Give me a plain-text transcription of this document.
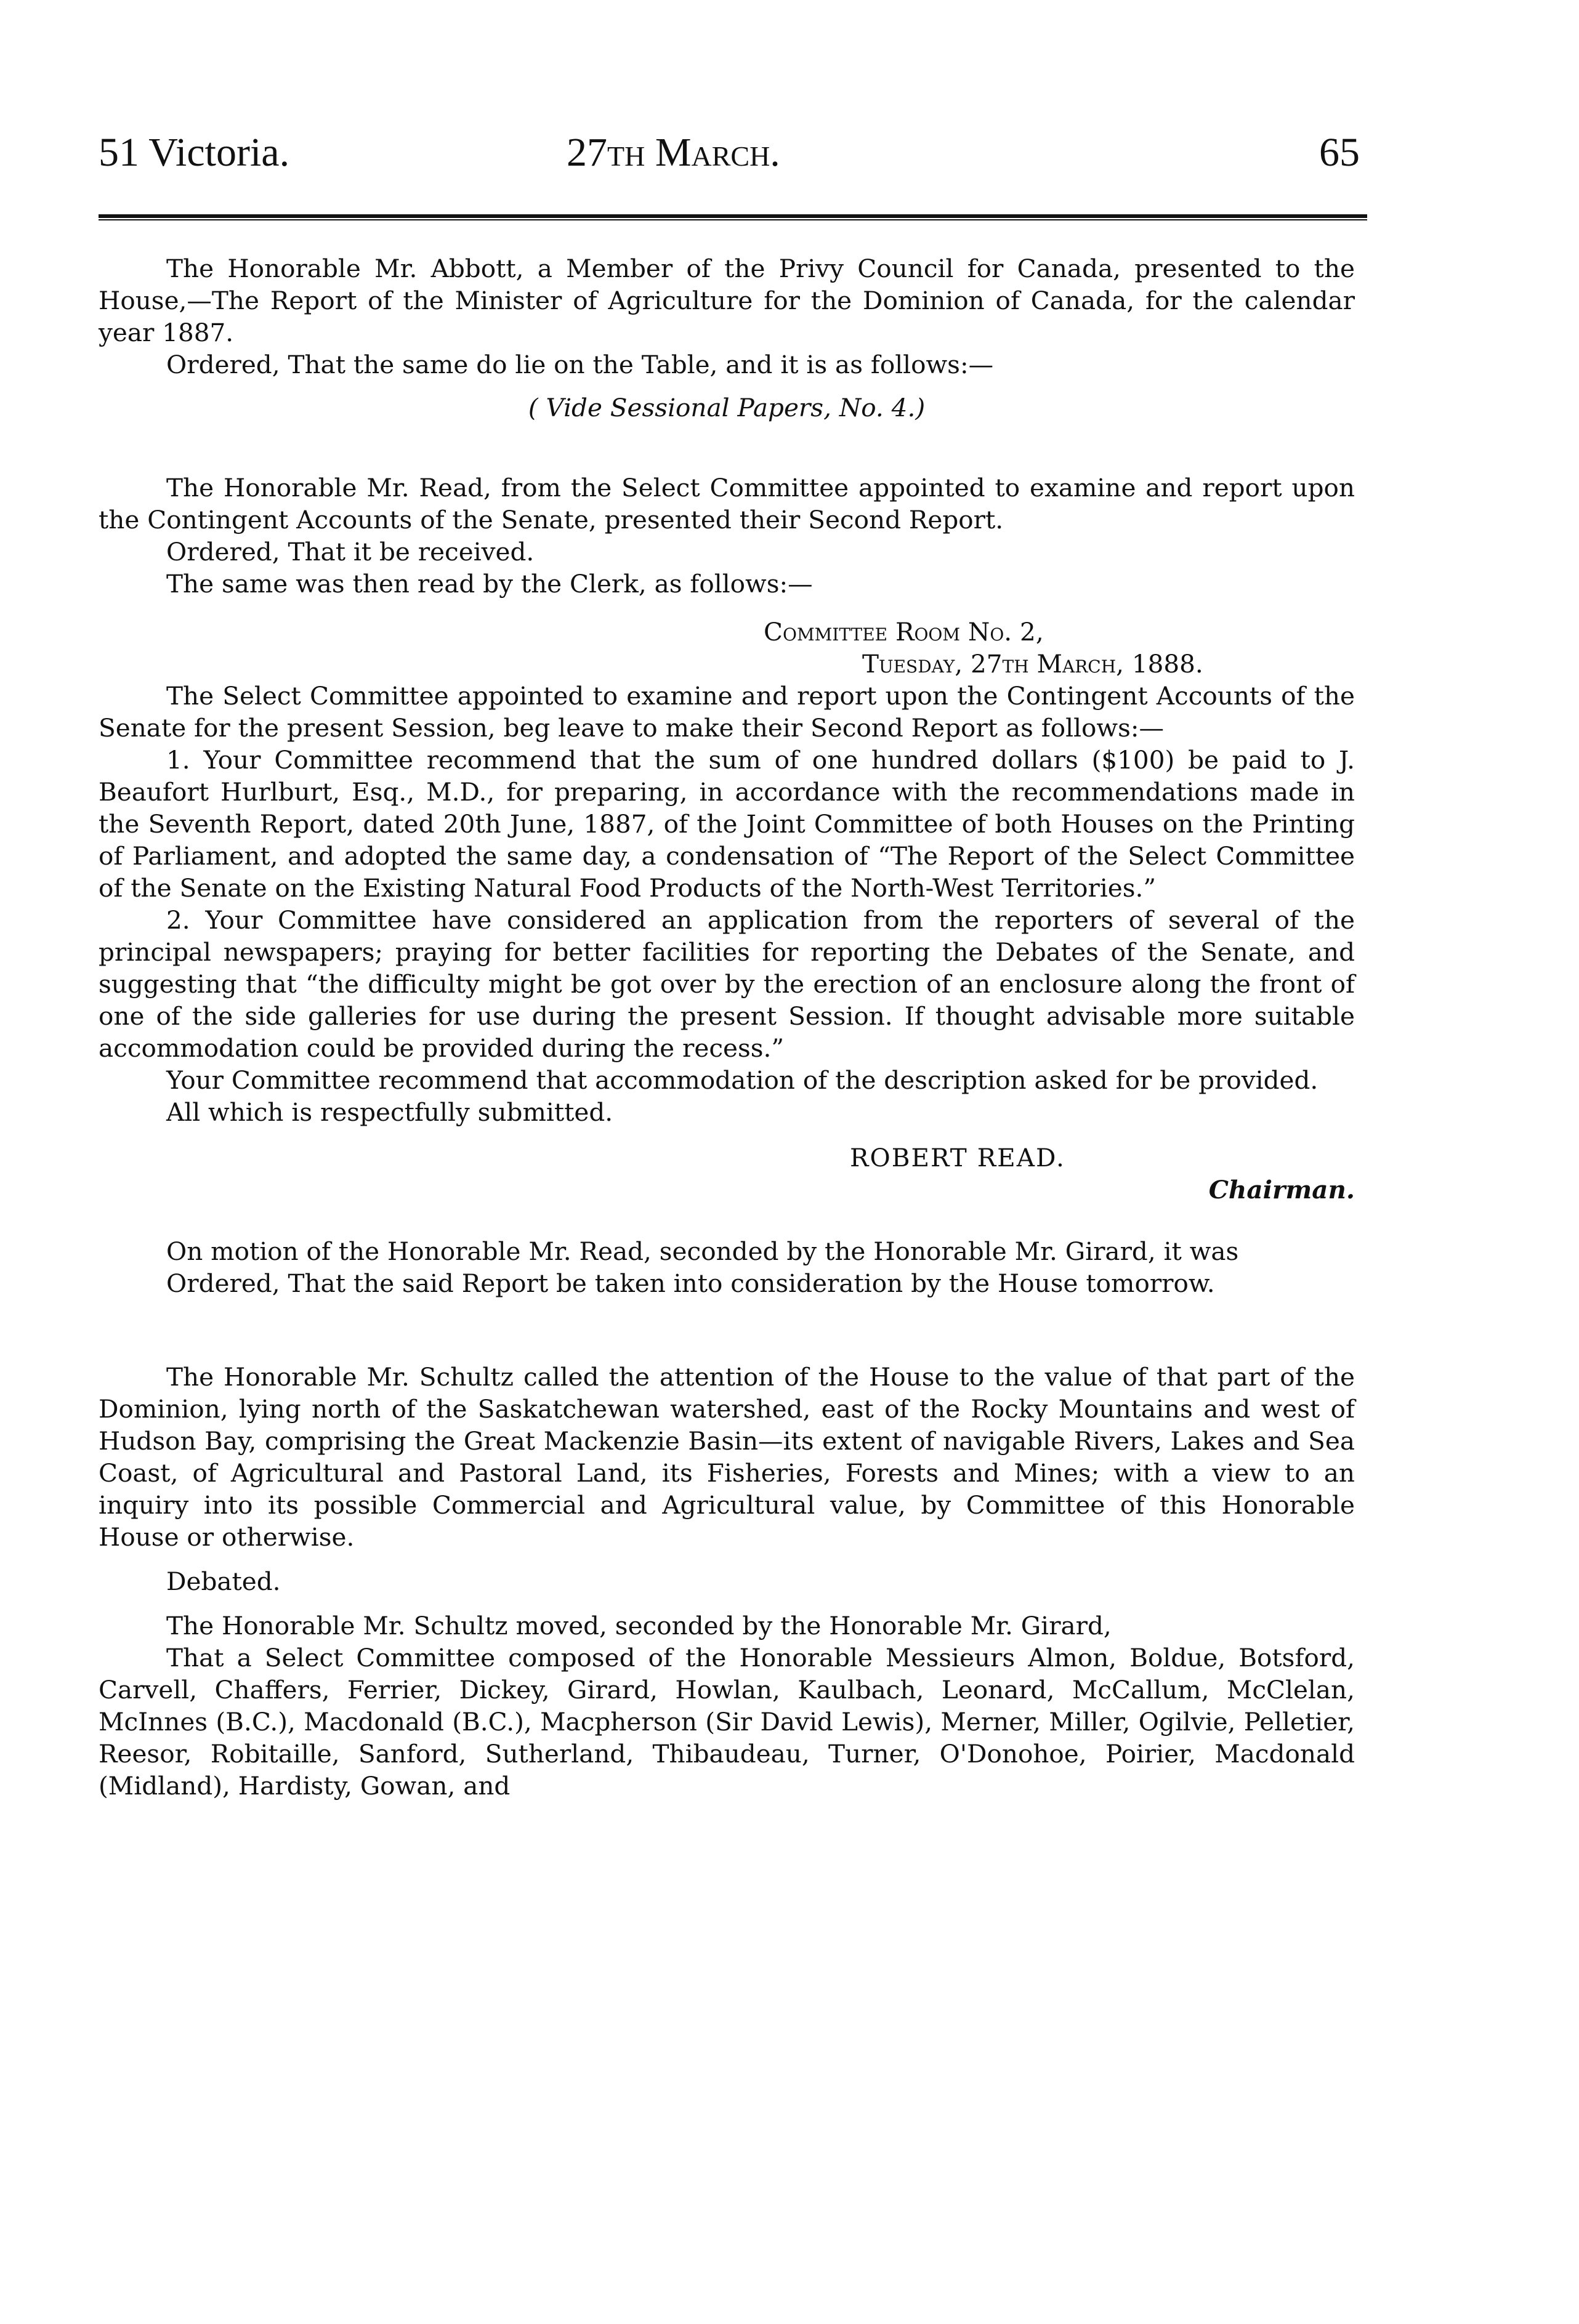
51 Victoria.	27th March.	65

The Honorable Mr. Abbott, a Member of the Privy Council for Canada, presented to the House,—The Report of the Minister of Agriculture for the Dominion of Canada, for the calendar year 1887.

Ordered, That the same do lie on the Table, and it is as follows:—

( Vide Sessional Papers, No. 4.)

The Honorable Mr. Read, from the Select Committee appointed to examine and report upon the Contingent Accounts of the Senate, presented their Second Report.

Ordered, That it be received.

The same was then read by the Clerk, as follows:—

Committee Room No. 2,

Tuesday, 27th March, 1888.

The Select Committee appointed to examine and report upon the Contingent Accounts of the Senate for the present Session, beg leave to make their Second Report as follows:—

1. Your Committee recommend that the sum of one hundred dollars ($100) be paid to J. Beaufort Hurlburt, Esq., M.D., for preparing, in accordance with the recommendations made in the Seventh Report, dated 20th June, 1887, of the Joint Committee of both Houses on the Printing of Parliament, and adopted the same day, a condensation of “The Report of the Select Committee of the Senate on the Existing Natural Food Products of the North-West Territories.”

2. Your Committee have considered an application from the reporters of several of the principal newspapers; praying for better facilities for reporting the Debates of the Senate, and suggesting that “the difficulty might be got over by the erection of an enclosure along the front of one of the side galleries for use during the present Session. If thought advisable more suitable accommodation could be provided during the recess.”

Your Committee recommend that accommodation of the description asked for be provided.

All which is respectfully submitted.

ROBERT READ.

Chairman.

On motion of the Honorable Mr. Read, seconded by the Honorable Mr. Girard, it was

Ordered, That the said Report be taken into consideration by the House tomorrow.

The Honorable Mr. Schultz called the attention of the House to the value of that part of the Dominion, lying north of the Saskatchewan watershed, east of the Rocky Mountains and west of Hudson Bay, comprising the Great Mackenzie Basin—its extent of navigable Rivers, Lakes and Sea Coast, of Agricultural and Pastoral Land, its Fisheries, Forests and Mines; with a view to an inquiry into its possible Commercial and Agricultural value, by Committee of this Honorable House or otherwise.

Debated.

The Honorable Mr. Schultz moved, seconded by the Honorable Mr. Girard,

That a Select Committee composed of the Honorable Messieurs Almon, Boldue, Botsford, Carvell, Chaffers, Ferrier, Dickey, Girard, Howlan, Kaulbach, Leonard, McCallum, McClelan, McInnes (B.C.), Macdonald (B.C.), Macpherson (Sir David Lewis), Merner, Miller, Ogilvie, Pelletier, Reesor, Robitaille, Sanford, Sutherland, Thibaudeau, Turner, O'Donohoe, Poirier, Macdonald (Midland), Hardisty, Gowan, and
